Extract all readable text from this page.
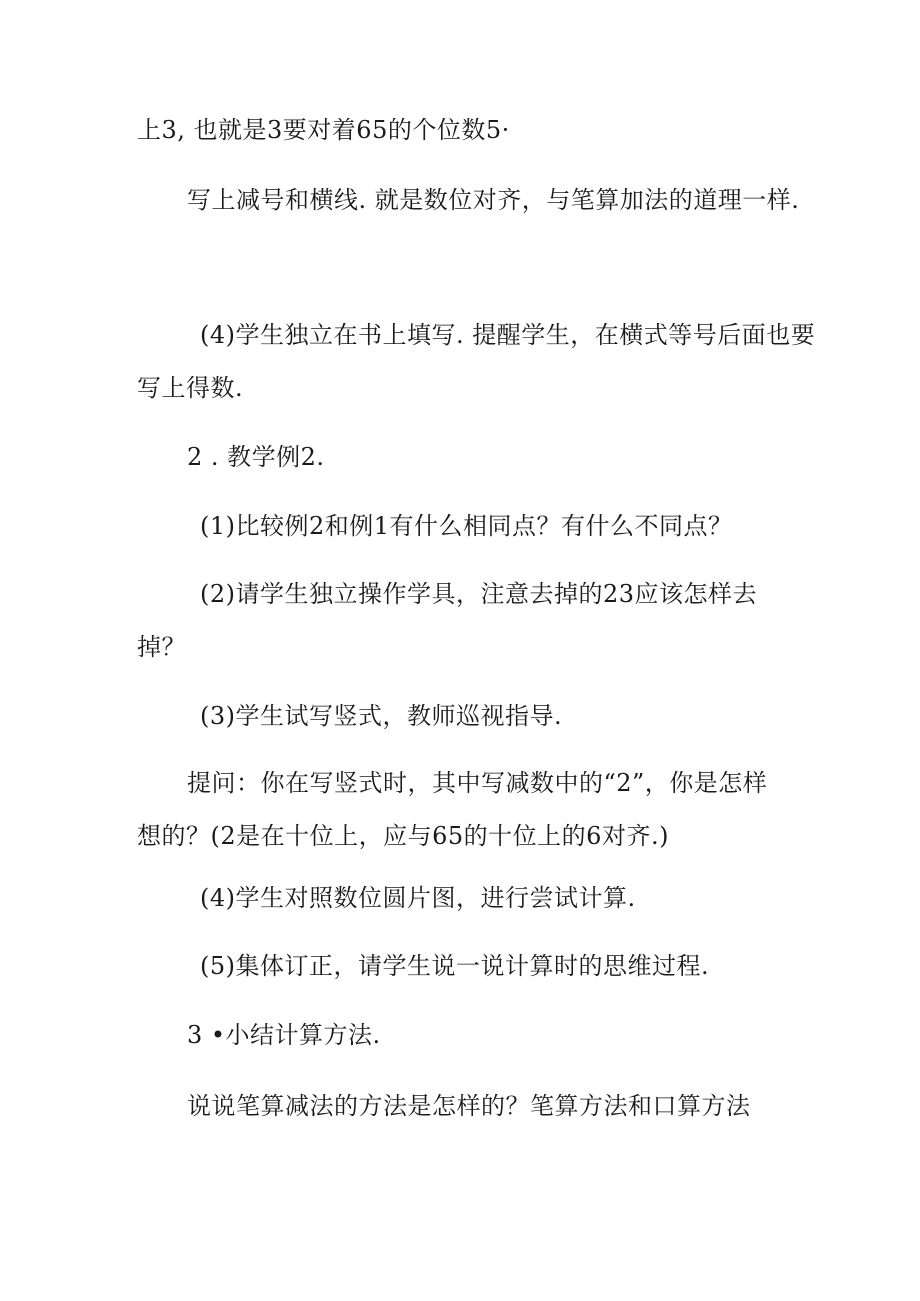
上3, 也就是3要对着65的个位数5·
写上减号和横线. 就是数位对齐，与笔算加法的道理一样.
(4)学生独立在书上填写. 提醒学生，在横式等号后面也要
写上得数.
2 . 教学例2.
(1)比较例2和例1有什么相同点？有什么不同点？
(2)请学生独立操作学具，注意去掉的23应该怎样去
掉？
(3)学生试写竖式，教师巡视指导.
提问：你在写竖式时，其中写减数中的“2”，你是怎样
想的？(2是在十位上，应与65的十位上的6对齐.)
(4)学生对照数位圆片图，进行尝试计算.
(5)集体订正，请学生说一说计算时的思维过程.
3 •小结计算方法.
说说笔算减法的方法是怎样的？笔算方法和口算方法
